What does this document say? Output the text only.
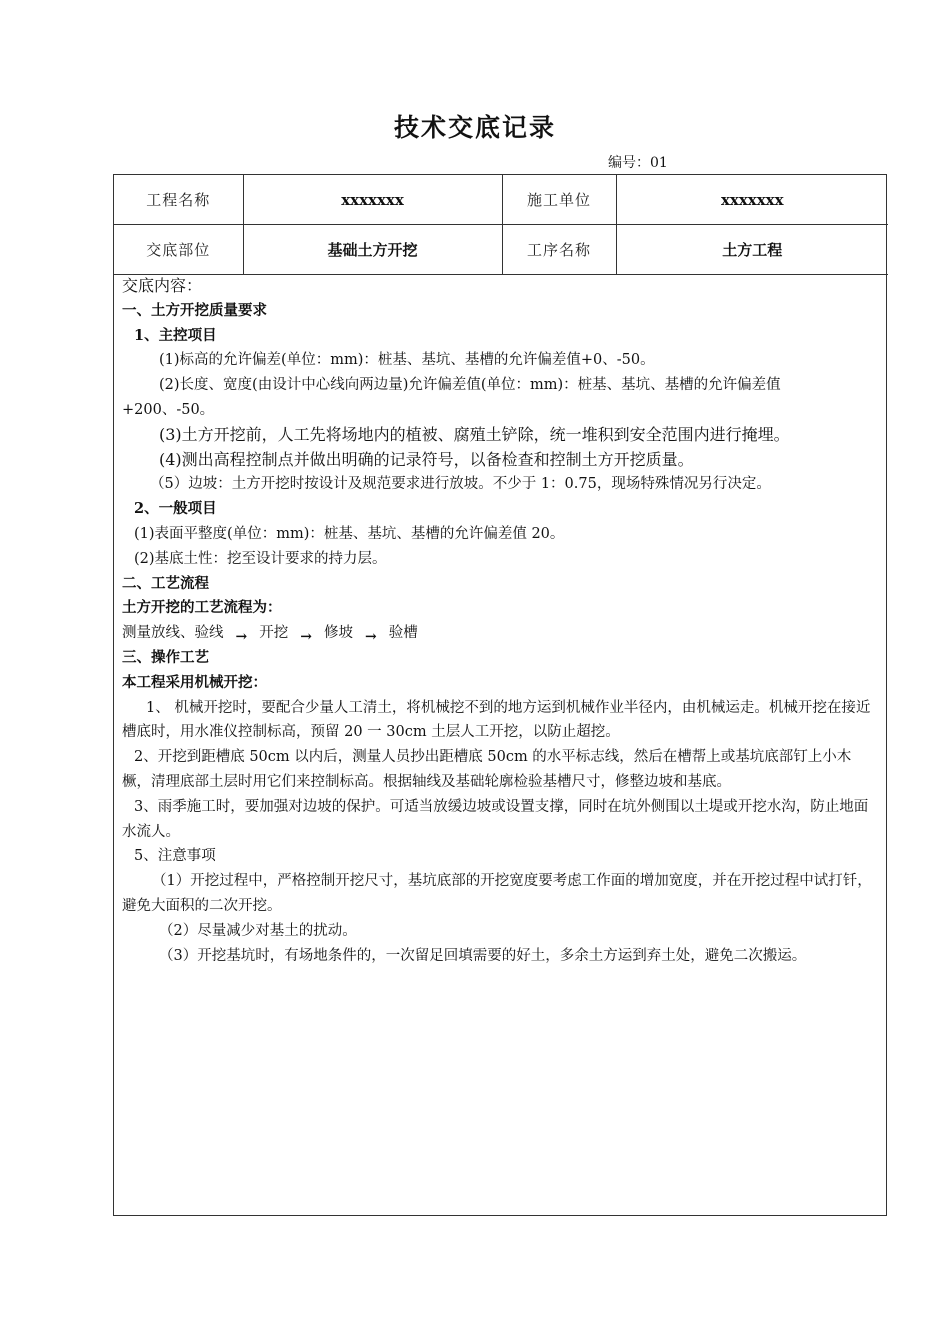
技术交底记录
编号：01
工程名称	xxxxxxx	施工单位	xxxxxxx
交底部位	基础土方开挖	工序名称	土方工程

交底内容：

一、土方开挖质量要求

1、主控项目

(1)标高的允许偏差(单位：mm)：桩基、基坑、基槽的允许偏差值+0、-50。

(2)长度、宽度(由设计中心线向两边量)允许偏差值(单位：mm)：桩基、基坑、基槽的允许偏差值

+200、-50。

(3)土方开挖前，人工先将场地内的植被、腐殖土铲除，统一堆积到安全范围内进行掩埋。

(4)测出高程控制点并做出明确的记录符号，以备检查和控制土方开挖质量。

（5）边坡：土方开挖时按设计及规范要求进行放坡。不少于 1：0.75，现场特殊情况另行决定。

2、一般项目

(1)表面平整度(单位：mm)：桩基、基坑、基槽的允许偏差值 20。

(2)基底土性：挖至设计要求的持力层。

二、工艺流程

土方开挖的工艺流程为：

测量放线、验线 → 开挖 → 修坡 → 验槽

三、操作工艺

本工程采用机械开挖：

1、 机械开挖时，要配合少量人工清土，将机械挖不到的地方运到机械作业半径内，由机械运走。机械开挖在接近槽底时，用水准仪控制标高，预留 20 一 30cm 土层人工开挖，以防止超挖。

2、开挖到距槽底 50cm 以内后，测量人员抄出距槽底 50cm 的水平标志线，然后在槽帮上或基坑底部钉上小木橛，清理底部土层时用它们来控制标高。根据轴线及基础轮廓检验基槽尺寸，修整边坡和基底。

3、雨季施工时，要加强对边坡的保护。可适当放缓边坡或设置支撑，同时在坑外侧围以土堤或开挖水沟，防止地面水流人。

5、注意事项

（1）开挖过程中，严格控制开挖尺寸，基坑底部的开挖宽度要考虑工作面的增加宽度，并在开挖过程中试打钎，避免大面积的二次开挖。

（2）尽量减少对基土的扰动。

（3）开挖基坑时，有场地条件的，一次留足回填需要的好土，多余土方运到弃土处，避免二次搬运。
